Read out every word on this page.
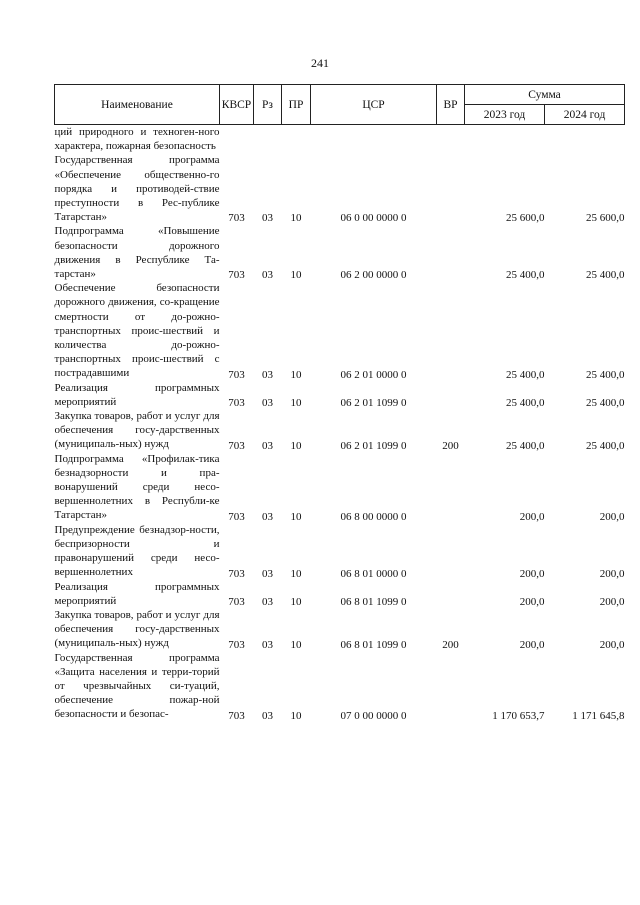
241
Наименование	КВСР	Рз	ПР	ЦСР	ВР	Сумма	
						2023 год	2024 год
ций природного и техноген-ного характера, пожарная безопасность							
Государственная программа «Обеспечение общественно-го порядка и противодей-ствие преступности в Рес-публике Татарстан»	703	03	10	06 0 00 0000 0		25 600,0	25 600,0
Подпрограмма «Повышение безопасности дорожного движения в Республике Та-тарстан»	703	03	10	06 2 00 0000 0		25 400,0	25 400,0
Обеспечение безопасности дорожного движения, со-кращение смертности от до-рожно-транспортных проис-шествий и количества до-рожно-транспортных проис-шествий с пострадавшими	703	03	10	06 2 01 0000 0		25 400,0	25 400,0
Реализация программных мероприятий	703	03	10	06 2 01 1099 0		25 400,0	25 400,0
Закупка товаров, работ и услуг для обеспечения госу-дарственных (муниципаль-ных) нужд	703	03	10	06 2 01 1099 0	200	25 400,0	25 400,0
Подпрограмма «Профилак-тика безнадзорности и пра-вонарушений среди несо-вершеннолетних в Республи-ке Татарстан»	703	03	10	06 8 00 0000 0		200,0	200,0
Предупреждение безнадзор-ности, беспризорности и правонарушений среди несо-вершеннолетних	703	03	10	06 8 01 0000 0		200,0	200,0
Реализация программных мероприятий	703	03	10	06 8 01 1099 0		200,0	200,0
Закупка товаров, работ и услуг для обеспечения госу-дарственных (муниципаль-ных) нужд	703	03	10	06 8 01 1099 0	200	200,0	200,0
Государственная программа «Защита населения и терри-торий от чрезвычайных си-туаций, обеспечение пожар-ной безопасности и безопас-	703	03	10	07 0 00 0000 0		1 170 653,7	1 171 645,8
